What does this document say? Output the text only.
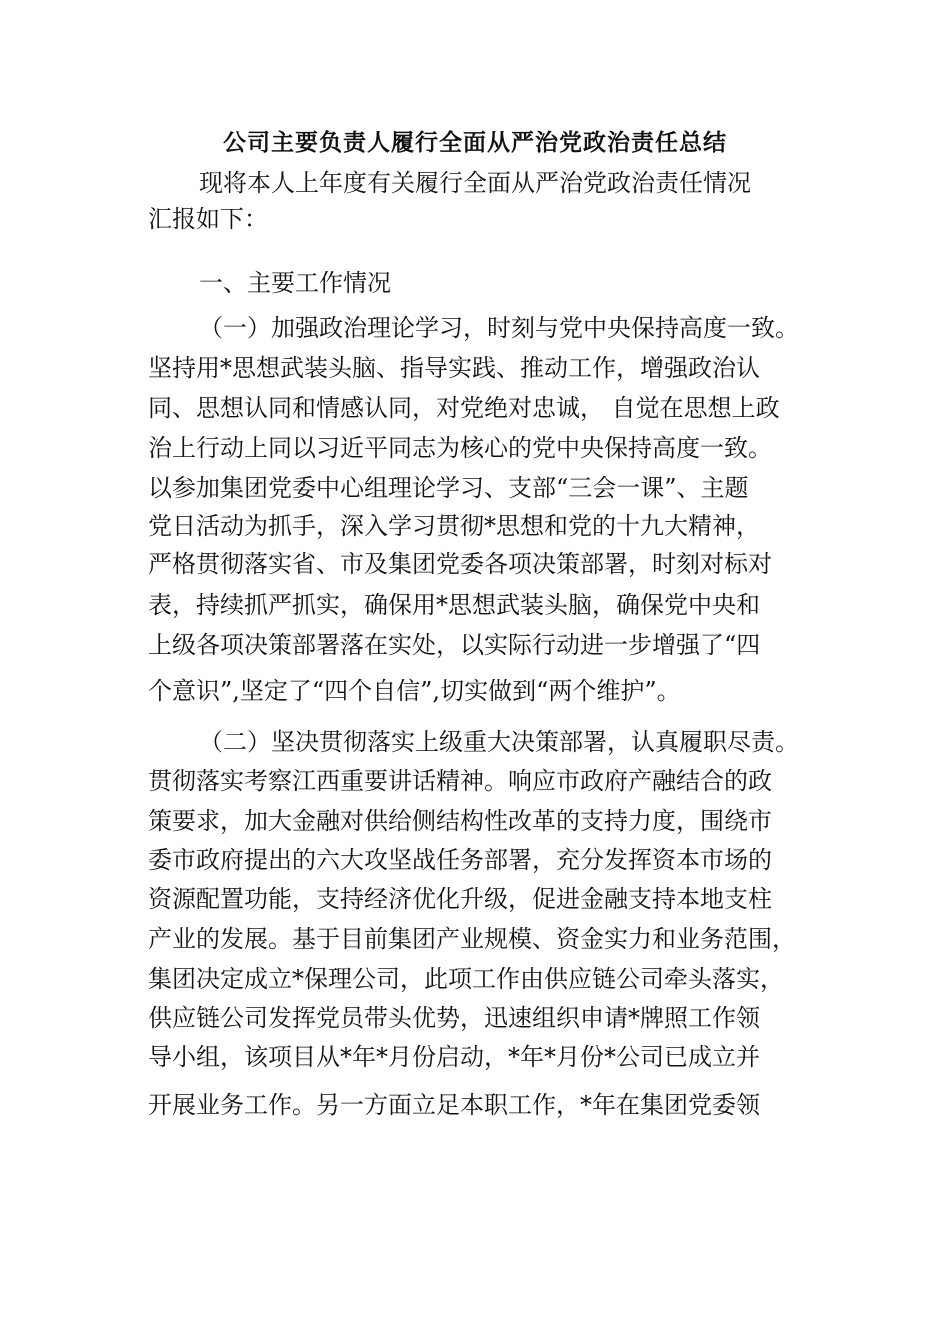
公司主要负责人履行全面从严治党政治责任总结
现将本人上年度有关履行全面从严治党政治责任情况
汇报如下：
一、主要工作情况
（一）加强政治理论学习，时刻与党中央保持高度一致。
坚持用*思想武装头脑、指导实践、推动工作，增强政治认
同、思想认同和情感认同，对党绝对忠诚， 自觉在思想上政
治上行动上同以习近平同志为核心的党中央保持高度一致。
以参加集团党委中心组理论学习、支部“三会一课”、主题
党日活动为抓手，深入学习贯彻*思想和党的十九大精神，
严格贯彻落实省、市及集团党委各项决策部署，时刻对标对
表，持续抓严抓实，确保用*思想武装头脑，确保党中央和
上级各项决策部署落在实处，以实际行动进一步增强了“四
个意识”,坚定了“四个自信”,切实做到“两个维护”。
（二）坚决贯彻落实上级重大决策部署，认真履职尽责。
贯彻落实考察江西重要讲话精神。响应市政府产融结合的政
策要求，加大金融对供给侧结构性改革的支持力度，围绕市
委市政府提出的六大攻坚战任务部署，充分发挥资本市场的
资源配置功能，支持经济优化升级，促进金融支持本地支柱
产业的发展。基于目前集团产业规模、资金实力和业务范围，
集团决定成立*保理公司，此项工作由供应链公司牵头落实，
供应链公司发挥党员带头优势，迅速组织申请*牌照工作领
导小组，该项目从*年*月份启动，*年*月份*公司已成立并
开展业务工作。另一方面立足本职工作，*年在集团党委领
